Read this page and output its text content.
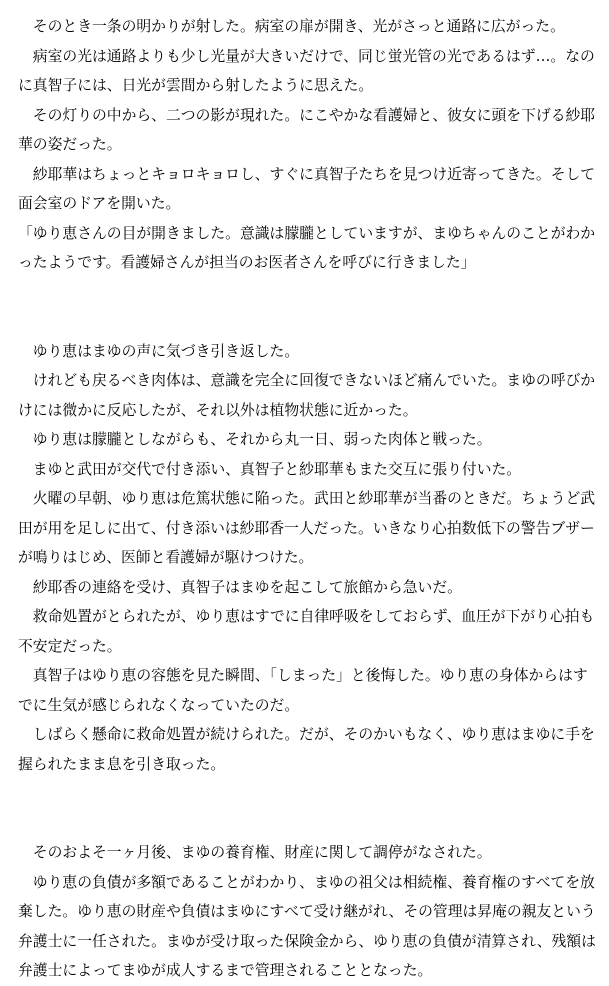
そのとき一条の明かりが射した。病室の扉が開き、光がさっと通路に広がった。

病室の光は通路よりも少し光量が大きいだけで、同じ蛍光管の光であるはず…。なのに真智子には、日光が雲間から射したように思えた。

その灯りの中から、二つの影が現れた。にこやかな看護婦と、彼女に頭を下げる紗耶華の姿だった。

紗耶華はちょっとキョロキョロし、すぐに真智子たちを見つけ近寄ってきた。そして面会室のドアを開いた。

「ゆり恵さんの目が開きました。意識は朦朧としていますが、まゆちゃんのことがわかったようです。看護婦さんが担当のお医者さんを呼びに行きました」

ゆり恵はまゆの声に気づき引き返した。

けれども戻るべき肉体は、意識を完全に回復できないほど痛んでいた。まゆの呼びかけには微かに反応したが、それ以外は植物状態に近かった。

ゆり恵は朦朧としながらも、それから丸一日、弱った肉体と戦った。

まゆと武田が交代で付き添い、真智子と紗耶華もまた交互に張り付いた。

火曜の早朝、ゆり恵は危篤状態に陥った。武田と紗耶華が当番のときだ。ちょうど武田が用を足しに出て、付き添いは紗耶香一人だった。いきなり心拍数低下の警告ブザーが鳴りはじめ、医師と看護婦が駆けつけた。

紗耶香の連絡を受け、真智子はまゆを起こして旅館から急いだ。

救命処置がとられたが、ゆり恵はすでに自律呼吸をしておらず、血圧が下がり心拍も不安定だった。

真智子はゆり恵の容態を見た瞬間、「しまった」と後悔した。ゆり恵の身体からはすでに生気が感じられなくなっていたのだ。

しばらく懸命に救命処置が続けられた。だが、そのかいもなく、ゆり恵はまゆに手を握られたまま息を引き取った。

そのおよそ一ヶ月後、まゆの養育権、財産に関して調停がなされた。

ゆり恵の負債が多額であることがわかり、まゆの祖父は相続権、養育権のすべてを放棄した。ゆり恵の財産や負債はまゆにすべて受け継がれ、その管理は昇庵の親友という弁護士に一任された。まゆが受け取った保険金から、ゆり恵の負債が清算され、残額は弁護士によってまゆが成人するまで管理されることとなった。
